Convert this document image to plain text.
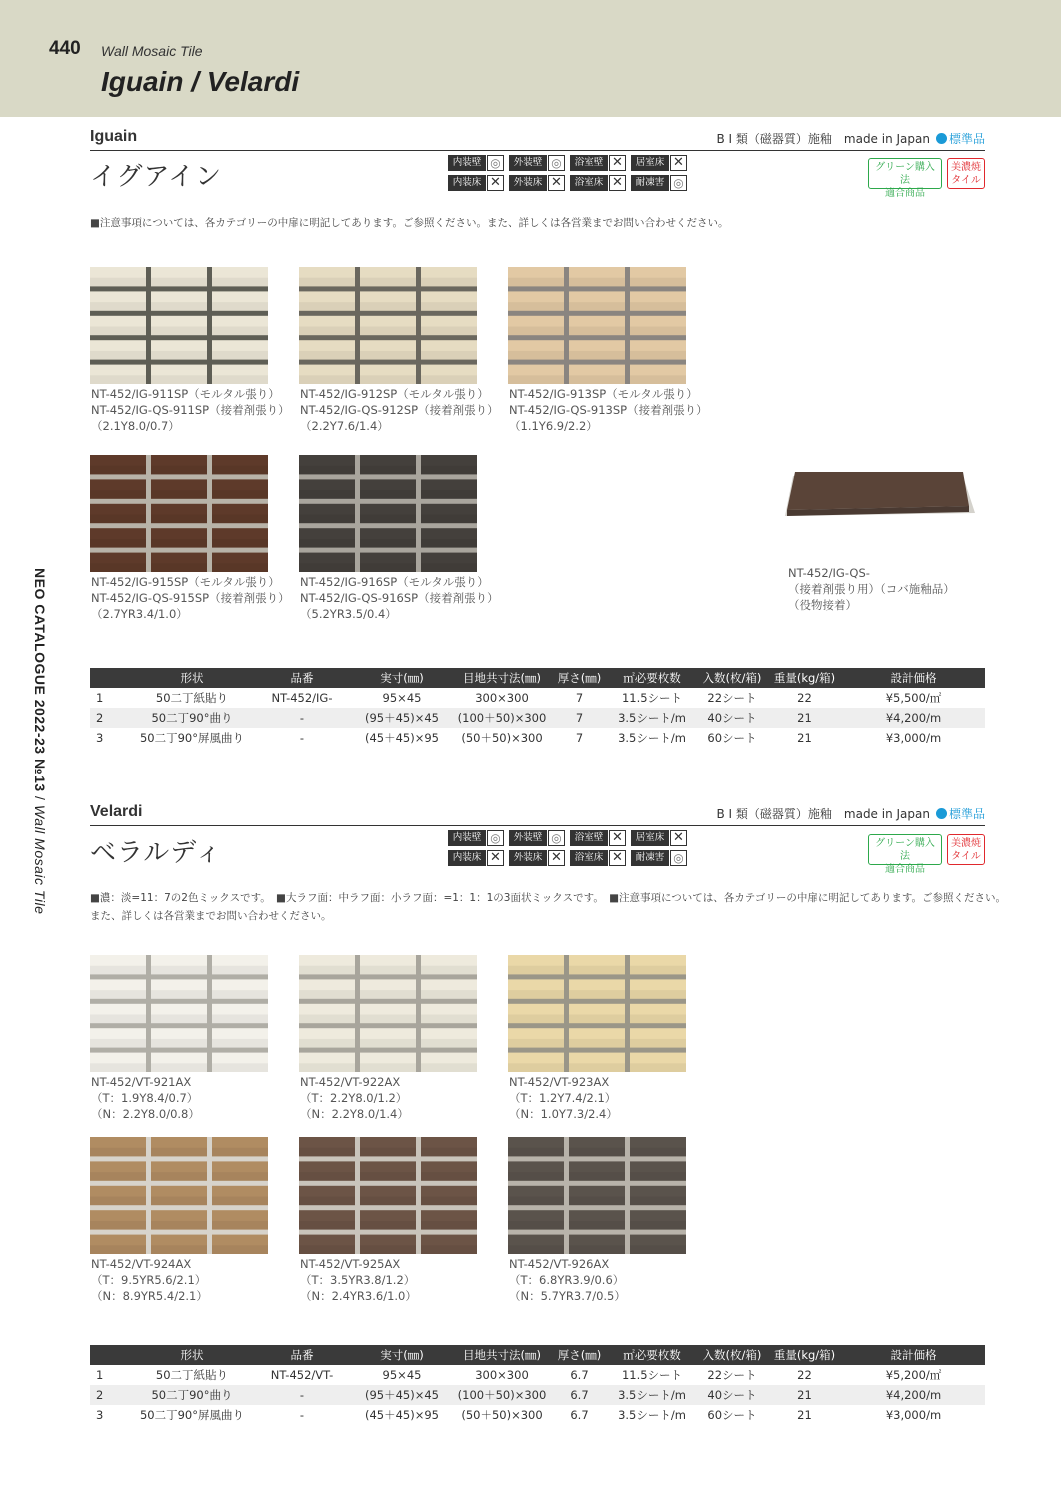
440 Wall Mosaic Tile
Iguain / Velardi
NEO CATALOGUE 2022-23 №13 / Wall Mosaic Tile
Iguain	B Ⅰ 類（磁器質）施釉　made in Japan 標準品
イグアイン	内装壁 ◎	外装壁 ◎	浴室壁 ✕	居室床 ✕
内装床 ✕	外装床 ✕	浴室床 ✕	耐凍害 ◎
グリーン購入法
適合商品
美濃焼
タイル
■注意事項については、各カテゴリーの中扉に明記してあります。ご参照ください。また、詳しくは各営業までお問い合わせください。
NT-452/IG-911SP（モルタル張り）
NT-452/IG-QS-911SP（接着剤張り）
（2.1Y8.0/0.7）
NT-452/IG-912SP（モルタル張り）
NT-452/IG-QS-912SP（接着剤張り）
（2.2Y7.6/1.4）
NT-452/IG-913SP（モルタル張り）
NT-452/IG-QS-913SP（接着剤張り）
（1.1Y6.9/2.2）
NT-452/IG-915SP（モルタル張り）
NT-452/IG-QS-915SP（接着剤張り）
（2.7YR3.4/1.0）
NT-452/IG-916SP（モルタル張り）
NT-452/IG-QS-916SP（接着剤張り）
（5.2YR3.5/0.4）
NT-452/IG-QS-
（接着剤張り用）（コバ施釉品）
（役物接着）
	形状	品番	実寸(㎜)	目地共寸法(㎜)	厚さ(㎜)	㎡必要枚数	入数(枚/箱)	重量(kg/箱)	設計価格
1	50二丁紙貼り	NT-452/IG-	95×45	300×300	7	11.5シート	22シート	22	¥5,500/㎡
2	50二丁90°曲り	-	(95＋45)×45	(100＋50)×300	7	3.5シート/m	40シート	21	¥4,200/m
3	50二丁90°屏風曲り	-	(45＋45)×95	(50＋50)×300	7	3.5シート/m	60シート	21	¥3,000/m
Velardi	B Ⅰ 類（磁器質）施釉　made in Japan 標準品
ベラルディ
内装壁 ◎	外装壁 ◎	浴室壁 ✕	居室床 ✕
内装床 ✕	外装床 ✕	浴室床 ✕	耐凍害 ◎
グリーン購入法
適合商品
美濃焼
タイル
■濃：淡=11：7の2色ミックスです。　■大ラフ面：中ラフ面：小ラフ面：=1：1：1の3面状ミックスです。　■注意事項については、各カテゴリーの中扉に明記してあります。ご参照ください。
また、詳しくは各営業までお問い合わせください。
NT-452/VT-921AX
（T：1.9Y8.4/0.7）
（N：2.2Y8.0/0.8）
NT-452/VT-922AX
（T：2.2Y8.0/1.2）
（N：2.2Y8.0/1.4）
NT-452/VT-923AX
（T：1.2Y7.4/2.1）
（N：1.0Y7.3/2.4）
NT-452/VT-924AX
（T：9.5YR5.6/2.1）
（N：8.9YR5.4/2.1）
NT-452/VT-925AX
（T：3.5YR3.8/1.2）
（N：2.4YR3.6/1.0）
NT-452/VT-926AX
（T：6.8YR3.9/0.6）
（N：5.7YR3.7/0.5）
	形状	品番	実寸(㎜)	目地共寸法(㎜)	厚さ(㎜)	㎡必要枚数	入数(枚/箱)	重量(kg/箱)	設計価格
1	50二丁紙貼り	NT-452/VT-	95×45	300×300	6.7	11.5シート	22シート	22	¥5,200/㎡
2	50二丁90°曲り	-	(95＋45)×45	(100＋50)×300	6.7	3.5シート/m	40シート	21	¥4,200/m
3	50二丁90°屏風曲り	-	(45＋45)×95	(50＋50)×300	6.7	3.5シート/m	60シート	21	¥3,000/m
